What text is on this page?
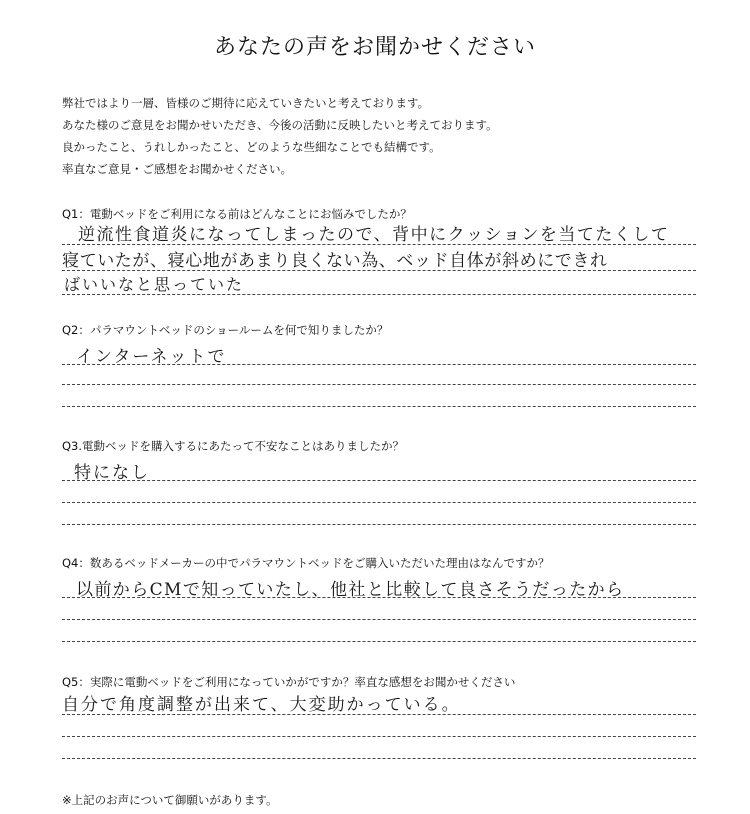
あなたの声をお聞かせください
弊社ではより一層、皆様のご期待に応えていきたいと考えております。
あなた様のご意見をお聞かせいただき、今後の活動に反映したいと考えております。
良かったこと、うれしかったこと、どのような些細なことでも結構です。
率直なご意見・ご感想をお聞かせください。
Q1：電動ベッドをご利用になる前はどんなことにお悩みでしたか？
逆流性食道炎になってしまったので、背中にクッションを当てたくして
寝ていたが、寝心地があまり良くない為、ベッド自体が斜めにできれ
ばいいなと思っていた
Q2：パラマウントベッドのショールームを何で知りましたか？
インターネットで
Q3.電動ベッドを購入するにあたって不安なことはありましたか？
特になし
Q4：数あるベッドメーカーの中でパラマウントベッドをご購入いただいた理由はなんですか？
以前からCMで知っていたし、他社と比較して良さそうだったから
Q5：実際に電動ベッドをご利用になっていかがですか？率直な感想をお聞かせください
自分で角度調整が出来て、大変助かっている。
※上記のお声について御願いがあります。
